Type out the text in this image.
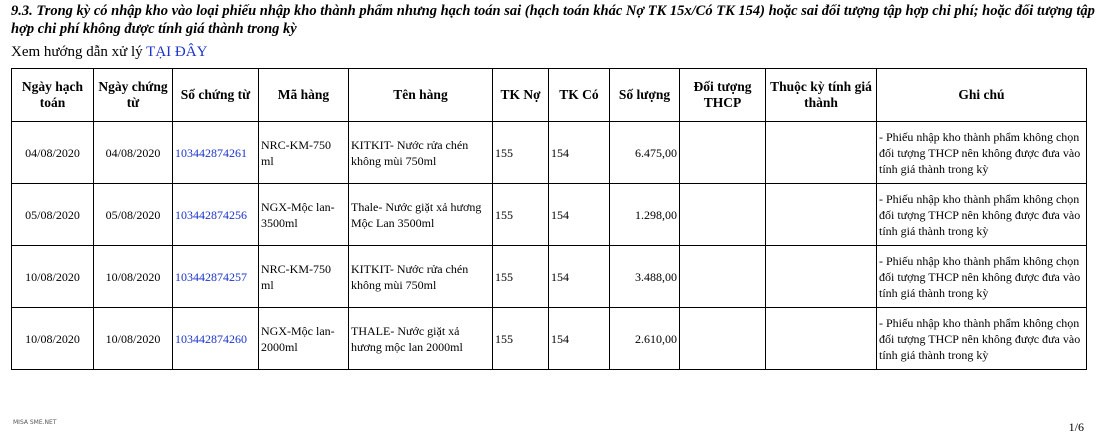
9.3. Trong kỳ có nhập kho vào loại phiếu nhập kho thành phẩm nhưng hạch toán sai (hạch toán khác Nợ TK 15x/Có TK 154) hoặc sai đối tượng tập hợp chi phí; hoặc đối tượng tập hợp chi phí không được tính giá thành trong kỳ
Xem hướng dẫn xử lý TẠI ĐÂY
Ngày hạch toán	Ngày chứng từ	Số chứng từ	Mã hàng	Tên hàng	TK Nợ	TK Có	Số lượng	Đối tượng THCP	Thuộc kỳ tính giá thành	Ghi chú
04/08/2020	04/08/2020	103442874261	NRC-KM-750 ml	KITKIT- Nước rửa chén không mùi 750ml	155	154	6.475,00			- Phiếu nhập kho thành phẩm không chọn đối tượng THCP nên không được đưa vào tính giá thành trong kỳ
05/08/2020	05/08/2020	103442874256	NGX-Mộc lan-3500ml	Thale- Nước giặt xả hương Mộc Lan 3500ml	155	154	1.298,00			- Phiếu nhập kho thành phẩm không chọn đối tượng THCP nên không được đưa vào tính giá thành trong kỳ
10/08/2020	10/08/2020	103442874257	NRC-KM-750 ml	KITKIT- Nước rửa chén không mùi 750ml	155	154	3.488,00			- Phiếu nhập kho thành phẩm không chọn đối tượng THCP nên không được đưa vào tính giá thành trong kỳ
10/08/2020	10/08/2020	103442874260	NGX-Mộc lan-2000ml	THALE- Nước giặt xả hương mộc lan 2000ml	155	154	2.610,00			- Phiếu nhập kho thành phẩm không chọn đối tượng THCP nên không được đưa vào tính giá thành trong kỳ
MISA SME.NET	1/6
